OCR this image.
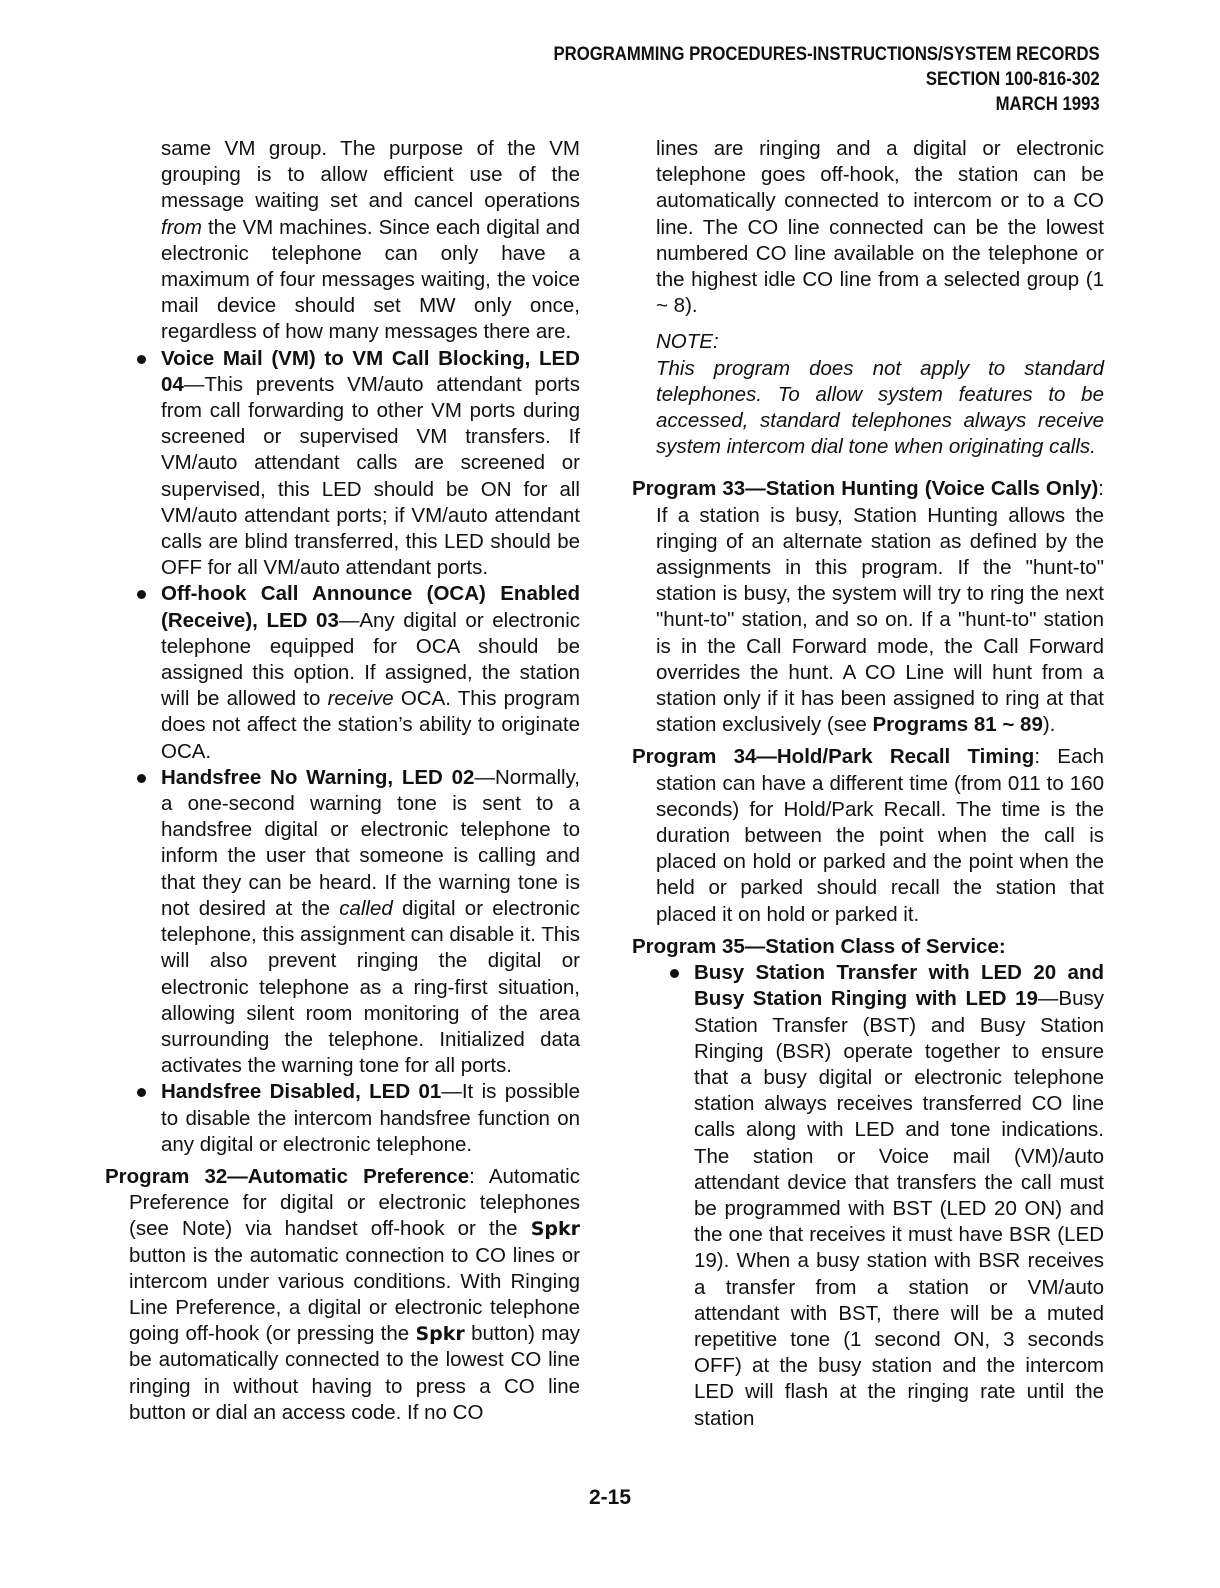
PROGRAMMING PROCEDURES-INSTRUCTIONS/SYSTEM RECORDS
SECTION 100-816-302
MARCH 1993

same VM group. The purpose of the VM grouping is to allow efficient use of the message waiting set and cancel operations from the VM machines. Since each digital and electronic telephone can only have a maximum of four messages waiting, the voice mail device should set MW only once, regardless of how many messages there are.

Voice Mail (VM) to VM Call Blocking, LED 04—This prevents VM/auto attendant ports from call forwarding to other VM ports during screened or supervised VM transfers. If VM/auto attendant calls are screened or supervised, this LED should be ON for all VM/auto attendant ports; if VM/auto attendant calls are blind transferred, this LED should be OFF for all VM/auto attendant ports.

Off-hook Call Announce (OCA) Enabled (Receive), LED 03—Any digital or electronic telephone equipped for OCA should be assigned this option. If assigned, the station will be allowed to receive OCA. This program does not affect the station’s ability to originate OCA.

Handsfree No Warning, LED 02—Normally, a one-second warning tone is sent to a handsfree digital or electronic telephone to inform the user that someone is calling and that they can be heard. If the warning tone is not desired at the called digital or electronic telephone, this assignment can disable it. This will also prevent ringing the digital or electronic telephone as a ring-first situation, allowing silent room monitoring of the area surrounding the telephone. Initialized data activates the warning tone for all ports.

Handsfree Disabled, LED 01—It is possible to disable the intercom handsfree function on any digital or electronic telephone.

Program 32—Automatic Preference: Automatic Preference for digital or electronic telephones (see Note) via handset off-hook or the Spkr button is the automatic connection to CO lines or intercom under various conditions. With Ringing Line Preference, a digital or electronic telephone going off-hook (or pressing the Spkr button) may be automatically connected to the lowest CO line ringing in without having to press a CO line button or dial an access code. If no CO

lines are ringing and a digital or electronic telephone goes off-hook, the station can be automatically connected to intercom or to a CO line. The CO line connected can be the lowest numbered CO line available on the telephone or the highest idle CO line from a selected group (1 ~ 8).

NOTE:

This program does not apply to standard telephones. To allow system features to be accessed, standard telephones always receive system intercom dial tone when originating calls.

Program 33—Station Hunting (Voice Calls Only): If a station is busy, Station Hunting allows the ringing of an alternate station as defined by the assignments in this program. If the "hunt-to" station is busy, the system will try to ring the next "hunt-to" station, and so on. If a "hunt-to" station is in the Call Forward mode, the Call Forward overrides the hunt. A CO Line will hunt from a station only if it has been assigned to ring at that station exclusively (see Programs 81 ~ 89).

Program 34—Hold/Park Recall Timing: Each station can have a different time (from 011 to 160 seconds) for Hold/Park Recall. The time is the duration between the point when the call is placed on hold or parked and the point when the held or parked should recall the station that placed it on hold or parked it.

Program 35—Station Class of Service:

Busy Station Transfer with LED 20 and Busy Station Ringing with LED 19—Busy Station Transfer (BST) and Busy Station Ringing (BSR) operate together to ensure that a busy digital or electronic telephone station always receives transferred CO line calls along with LED and tone indications. The station or Voice mail (VM)/auto attendant device that transfers the call must be programmed with BST (LED 20 ON) and the one that receives it must have BSR (LED 19). When a busy station with BSR receives a transfer from a station or VM/auto attendant with BST, there will be a muted repetitive tone (1 second ON, 3 seconds OFF) at the busy station and the intercom LED will flash at the ringing rate until the station

2-15
